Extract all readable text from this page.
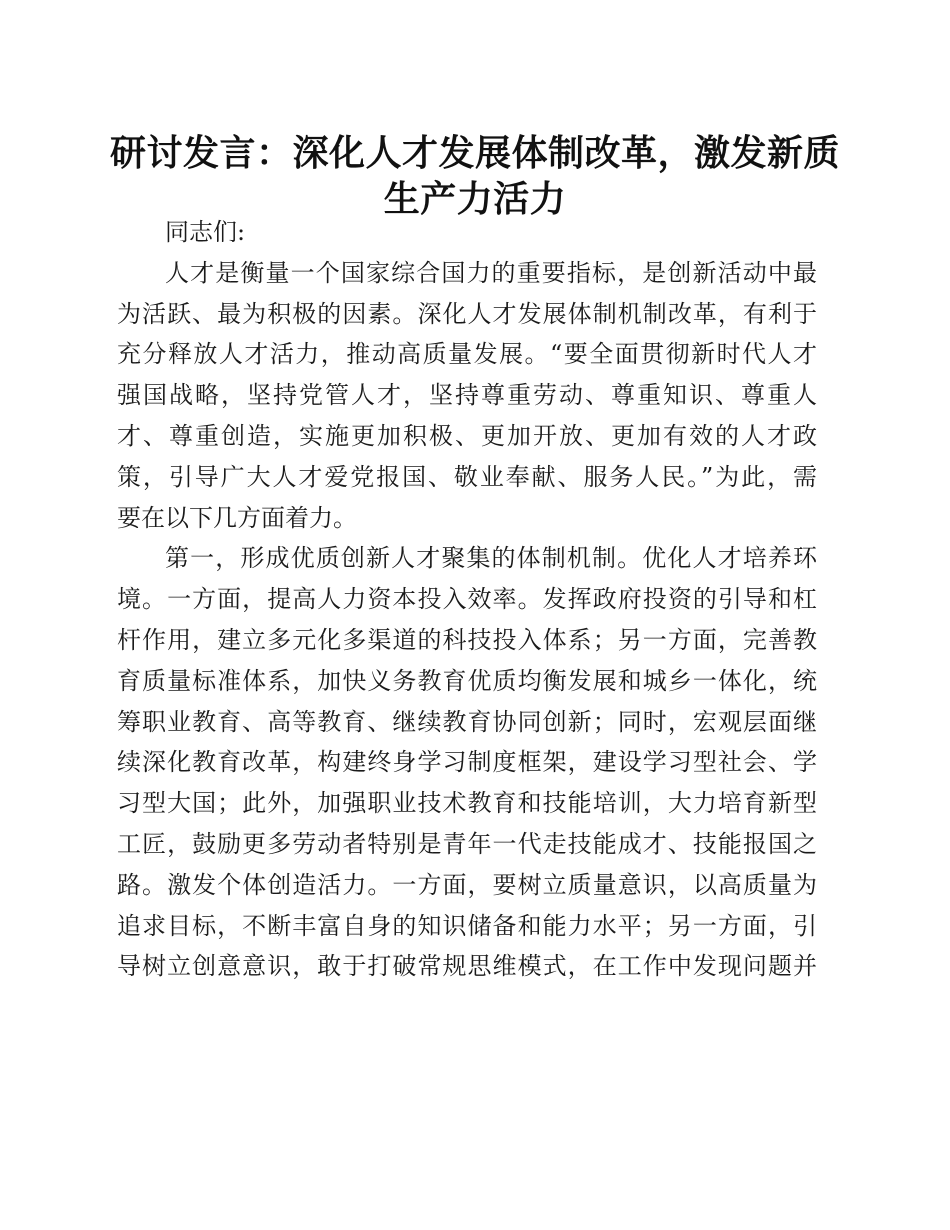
研讨发言：深化人才发展体制改革，激发新质
生产力活力
同志们:
人才是衡量一个国家综合国力的重要指标，是创新活动中最
为活跃、最为积极的因素。深化人才发展体制机制改革，有利于
充分释放人才活力，推动高质量发展。“要全面贯彻新时代人才
强国战略，坚持党管人才，坚持尊重劳动、尊重知识、尊重人
才、尊重创造，实施更加积极、更加开放、更加有效的人才政
策，引导广大人才爱党报国、敬业奉献、服务人民。”为此，需
要在以下几方面着力。
第一，形成优质创新人才聚集的体制机制。优化人才培养环
境。一方面，提高人力资本投入效率。发挥政府投资的引导和杠
杆作用，建立多元化多渠道的科技投入体系；另一方面，完善教
育质量标准体系，加快义务教育优质均衡发展和城乡一体化，统
筹职业教育、高等教育、继续教育协同创新；同时，宏观层面继
续深化教育改革，构建终身学习制度框架，建设学习型社会、学
习型大国；此外，加强职业技术教育和技能培训，大力培育新型
工匠，鼓励更多劳动者特别是青年一代走技能成才、技能报国之
路。激发个体创造活力。一方面，要树立质量意识，以高质量为
追求目标，不断丰富自身的知识储备和能力水平；另一方面，引
导树立创意意识，敢于打破常规思维模式，在工作中发现问题并
